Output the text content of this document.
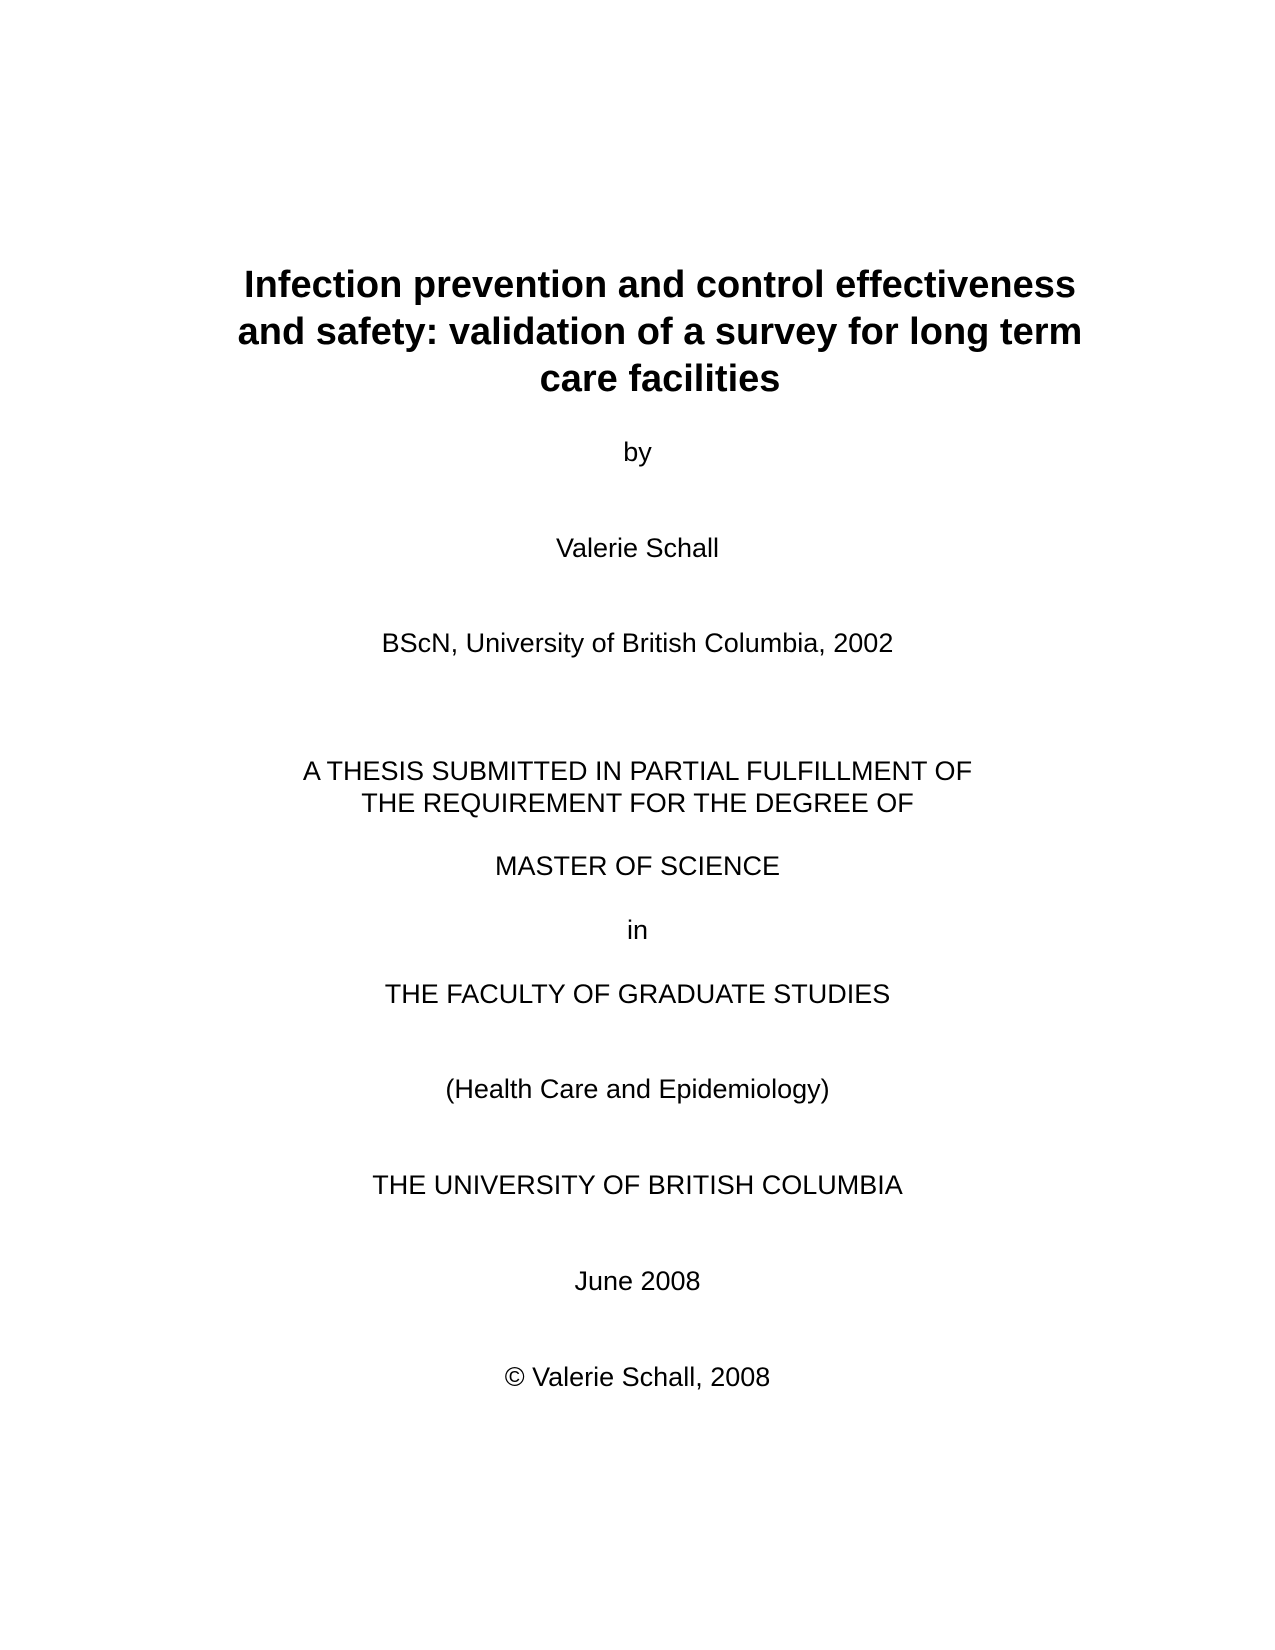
Infection prevention and control effectiveness
and safety: validation of a survey for long term
care facilities
by
Valerie Schall
BScN, University of British Columbia, 2002
A THESIS SUBMITTED IN PARTIAL FULFILLMENT OF
THE REQUIREMENT FOR THE DEGREE OF
MASTER OF SCIENCE
in
THE FACULTY OF GRADUATE STUDIES
(Health Care and Epidemiology)
THE UNIVERSITY OF BRITISH COLUMBIA
June 2008
© Valerie Schall, 2008
